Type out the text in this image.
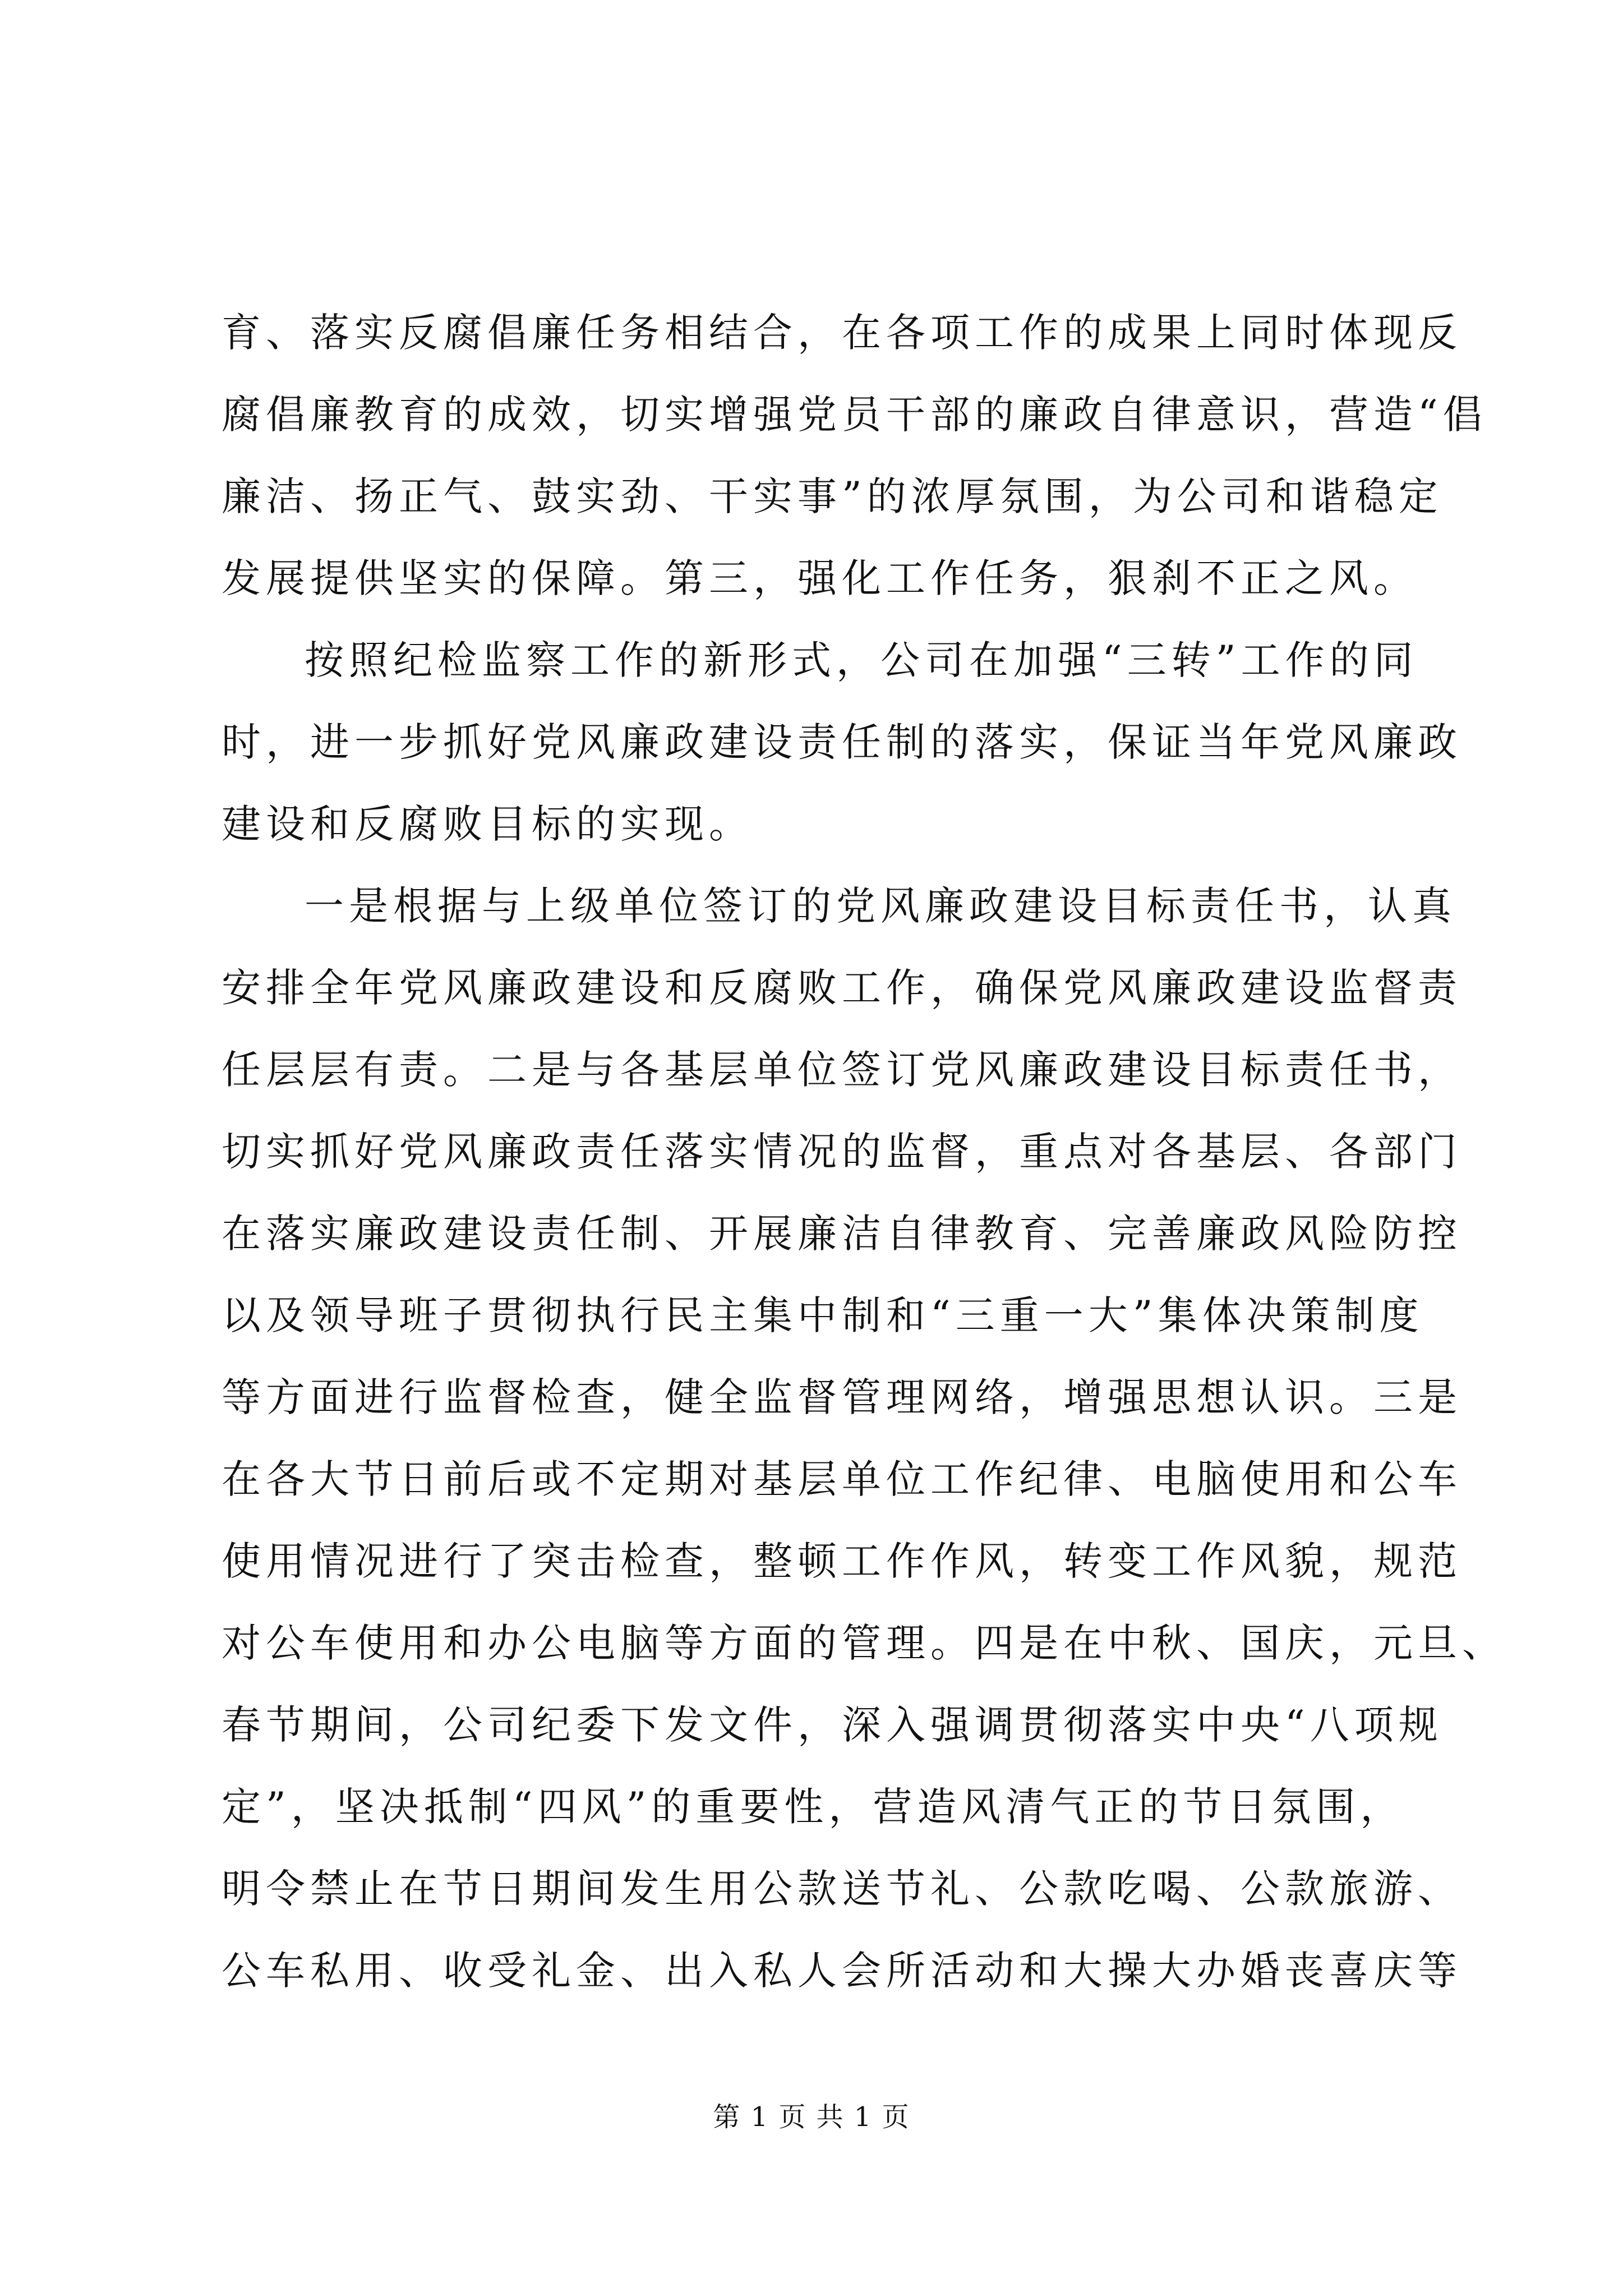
育、落实反腐倡廉任务相结合，在各项工作的成果上同时体现反
腐倡廉教育的成效，切实增强党员干部的廉政自律意识，营造“倡
廉洁、扬正气、鼓实劲、干实事”的浓厚氛围，为公司和谐稳定
发展提供坚实的保障。第三，强化工作任务，狠刹不正之风。
按照纪检监察工作的新形式，公司在加强“三转”工作的同
时，进一步抓好党风廉政建设责任制的落实，保证当年党风廉政
建设和反腐败目标的实现。
一是根据与上级单位签订的党风廉政建设目标责任书，认真
安排全年党风廉政建设和反腐败工作，确保党风廉政建设监督责
任层层有责。二是与各基层单位签订党风廉政建设目标责任书，
切实抓好党风廉政责任落实情况的监督，重点对各基层、各部门
在落实廉政建设责任制、开展廉洁自律教育、完善廉政风险防控
以及领导班子贯彻执行民主集中制和“三重一大”集体决策制度
等方面进行监督检查，健全监督管理网络，增强思想认识。三是
在各大节日前后或不定期对基层单位工作纪律、电脑使用和公车
使用情况进行了突击检查，整顿工作作风，转变工作风貌，规范
对公车使用和办公电脑等方面的管理。四是在中秋、国庆，元旦、
春节期间，公司纪委下发文件，深入强调贯彻落实中央“八项规
定”，坚决抵制“四风”的重要性，营造风清气正的节日氛围，
明令禁止在节日期间发生用公款送节礼、公款吃喝、公款旅游、
公车私用、收受礼金、出入私人会所活动和大操大办婚丧喜庆等
第 1 页 共 1 页
